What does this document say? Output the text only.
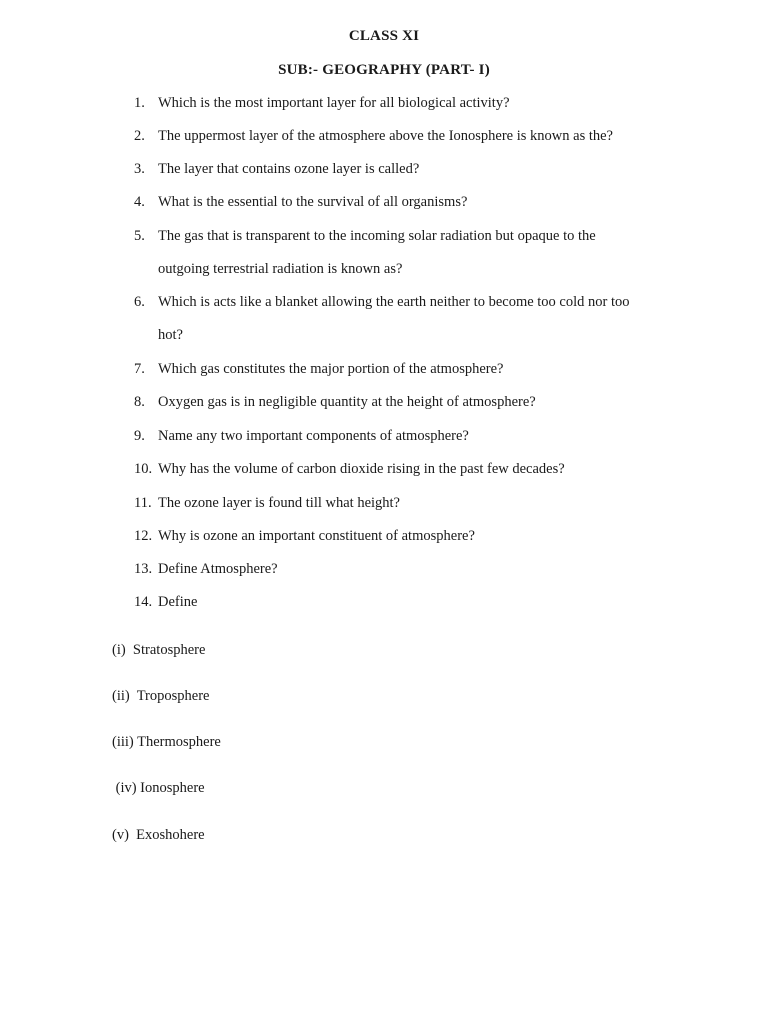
CLASS XI
SUB:- GEOGRAPHY (PART- I)
1. Which is the most important layer for all biological activity?
2. The uppermost layer of the atmosphere above the Ionosphere is known as the?
3. The layer that contains ozone layer is called?
4. What is the essential to the survival of all organisms?
5. The gas that is transparent to the incoming solar radiation but opaque to the outgoing terrestrial radiation is known as?
6. Which is acts like a blanket allowing the earth neither to become too cold nor too hot?
7. Which gas constitutes the major portion of the atmosphere?
8. Oxygen gas is in negligible quantity at the height of atmosphere?
9. Name any two important components of atmosphere?
10. Why has the volume of carbon dioxide rising in the past few decades?
11. The ozone layer is found till what height?
12. Why is ozone an important constituent of atmosphere?
13. Define Atmosphere?
14. Define
(i)  Stratosphere
(ii)  Troposphere
(iii) Thermosphere
(iv) Ionosphere
(v)  Exoshohere
